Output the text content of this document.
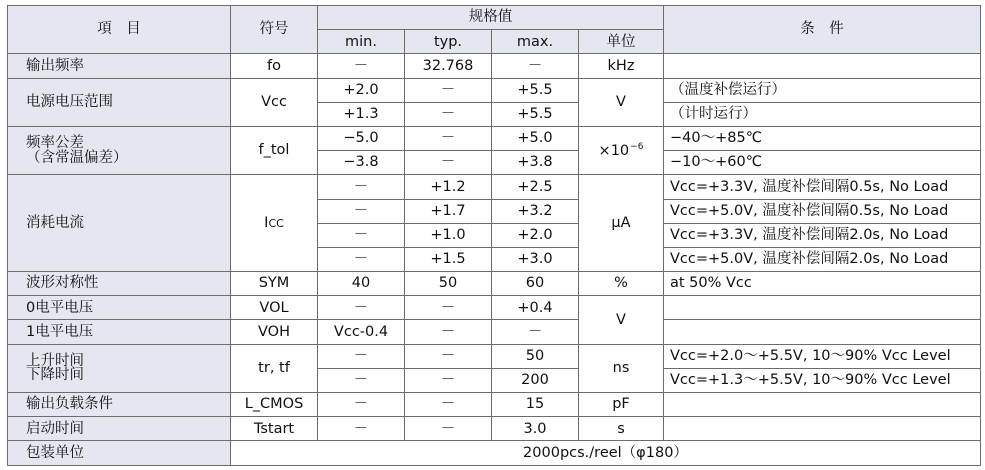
項　目	符号	规格值				条　件
		min.	typ.	max.	单位	
输出频率	fo	－	32.768	－	kHz	
电源电压范围	Vcc	+2.0	－	+5.5	V	（温度补偿运行）
		+1.3	－	+5.5		（计时运行）
频率公差
（含常温偏差）	f_tol	−5.0	－	+5.0	$\times 10^{-6}$	−40～+85℃
		−3.8	－	+3.8		−10～+60℃
消耗电流	ICC	－	+1.2	+2.5	μA	Vcc=+3.3V, 温度补偿间隔0.5s, No Load
		－	+1.7	+3.2		Vcc=+5.0V, 温度补偿间隔0.5s, No Load
		－	+1.0	+2.0		Vcc=+3.3V, 温度补偿间隔2.0s, No Load
		－	+1.5	+3.0		Vcc=+5.0V, 温度补偿间隔2.0s, No Load
波形对称性	SYM	40	50	60	%	at 50% Vcc
0电平电压	VOL	－	－	+0.4	V	
1电平电压	VOH	Vcc-0.4	－	－		
上升时间
下降时间	tr, tf	－	－	50	ns	Vcc=+2.0～+5.5V, 10～90% Vcc Level
		－	－	200		Vcc=+1.3～+5.5V, 10～90% Vcc Level
输出负载条件	L_CMOS	－	－	15	pF	
启动时间	Tstart	－	－	3.0	s	
包装单位	2000pcs./reel（φ180）					
